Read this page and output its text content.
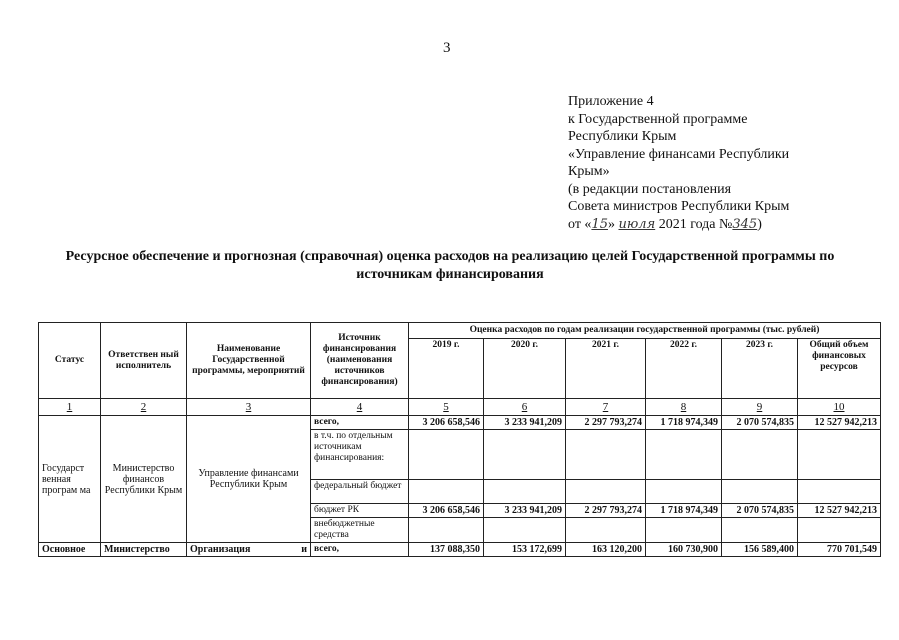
3
Приложение 4
к Государственной программе
Республики Крым
«Управление финансами Республики
Крым»
(в редакции постановления
Совета министров Республики Крым
от «15» июля 2021 года №345)
Ресурсное обеспечение и прогнозная (справочная) оценка расходов на реализацию целей Государственной программы по источникам финансирования
Статус	Ответствен ный исполнитель	Наименование Государственной программы, мероприятий	Источник финансирования (наименования источников финансирования)	Оценка расходов по годам реализации государственной программы (тыс. рублей)					
				2019 г.	2020 г.	2021 г.	2022 г.	2023 г.	Общий объем финансовых ресурсов
1	2	3	4	5	6	7	8	9	10
Государст венная програм ма	Министерство финансов Республики Крым	Управление финансами Республики Крым	всего,	3 206 658,546	3 233 941,209	2 297 793,274	1 718 974,349	2 070 574,835	12 527 942,213
			в т.ч. по отдельным источникам финансирования:						
			федеральный бюджет						
			бюджет РК	3 206 658,546	3 233 941,209	2 297 793,274	1 718 974,349	2 070 574,835	12 527 942,213
			внебюджетные средства						
Основное	Министерство	Организация и	всего,	137 088,350	153 172,699	163 120,200	160 730,900	156 589,400	770 701,549
